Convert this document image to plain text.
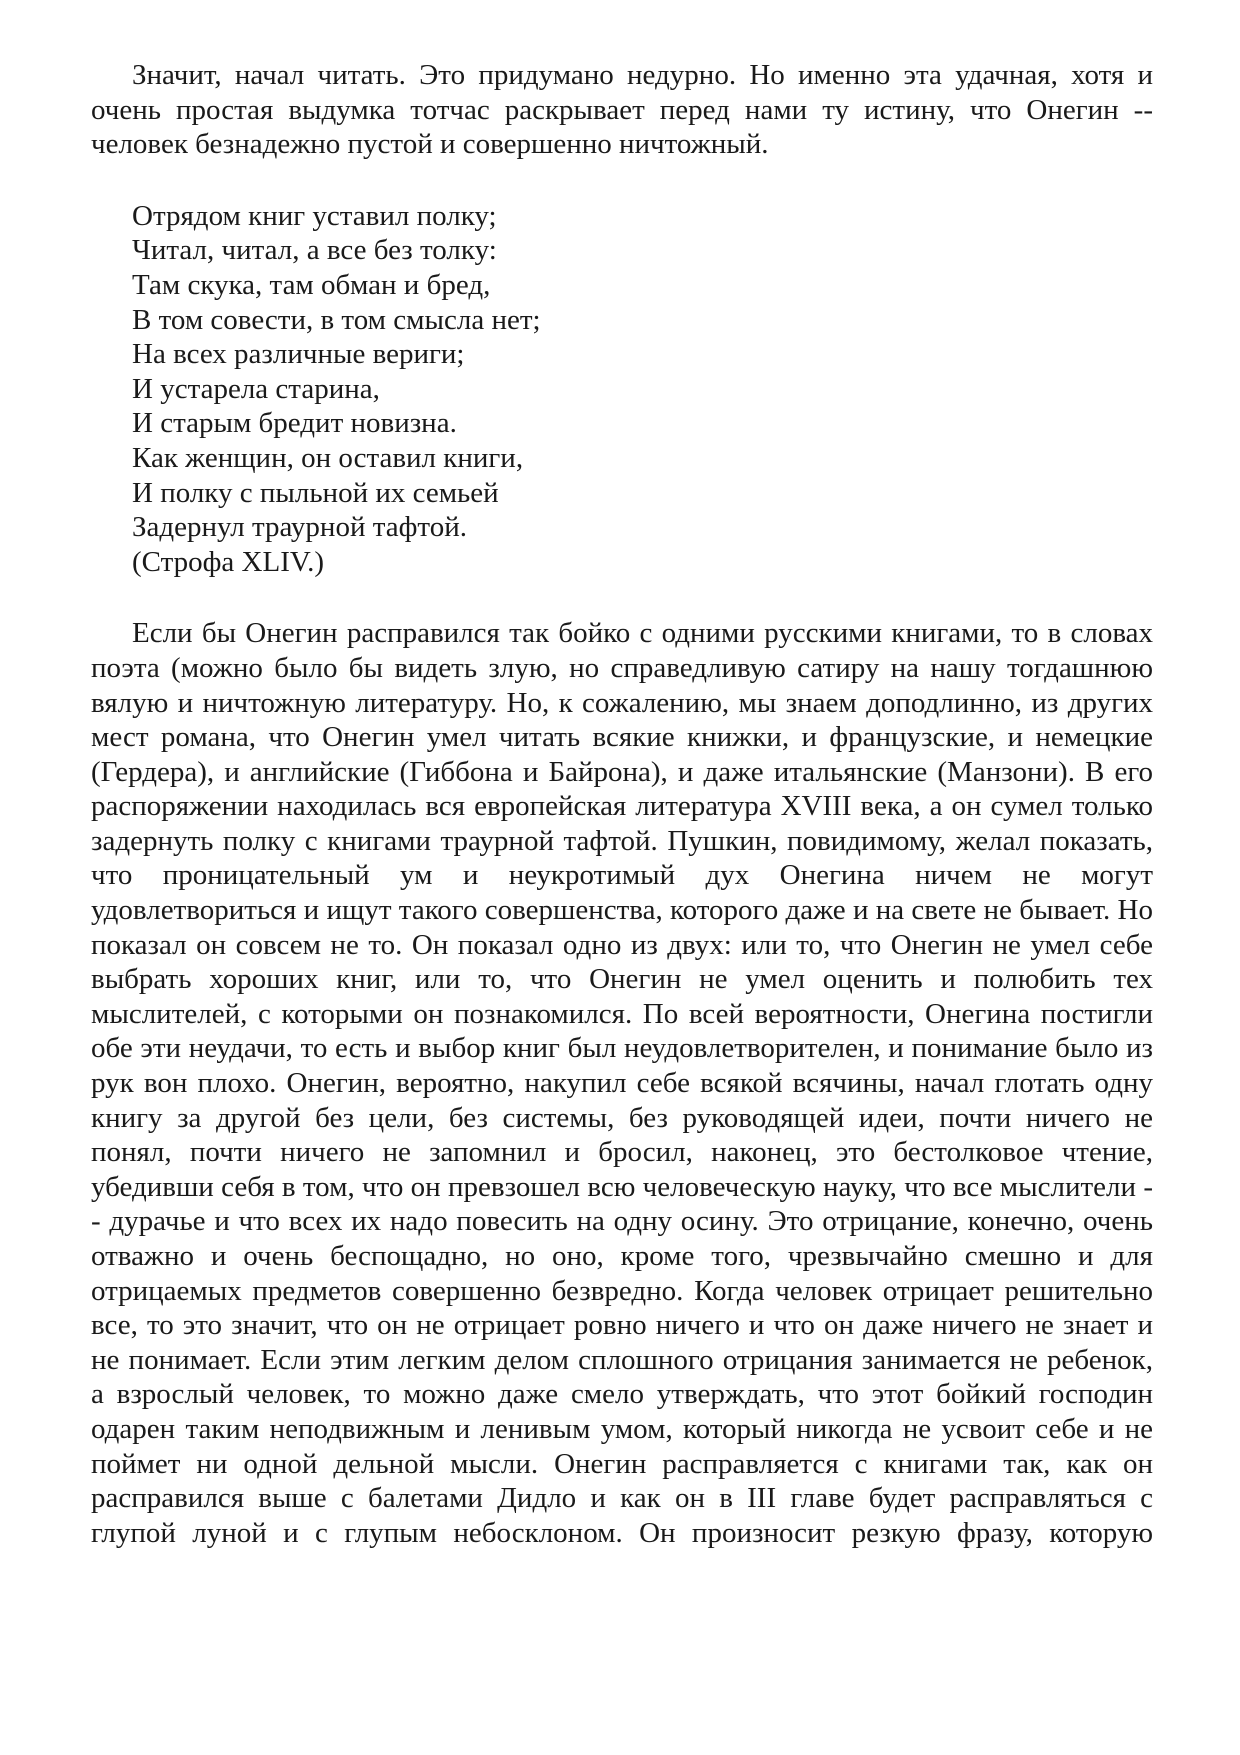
Значит, начал читать. Это придумано недурно. Но именно эта удачная, хотя и очень простая выдумка тотчас раскрывает перед нами ту истину, что Онегин -- человек безнадежно пустой и совершенно ничтожный.

Отрядом книг уставил полку;
Читал, читал, а все без толку:
Там скука, там обман и бред,
В том совести, в том смысла нет;
На всех различные вериги;
И устарела старина,
И старым бредит новизна.
Как женщин, он оставил книги,
И полку с пыльной их семьей
Задернул траурной тафтой.
(Строфа XLIV.)

Если бы Онегин расправился так бойко с одними русскими книгами, то в словах поэта (можно было бы видеть злую, но справедливую сатиру на нашу тогдашнюю вялую и ничтожную литературу. Но, к сожалению, мы знаем доподлинно, из других мест романа, что Онегин умел читать всякие книжки, и французские, и немецкие (Гердера), и английские (Гиббона и Байрона), и даже итальянские (Манзони). В его распоряжении находилась вся европейская литература XVIII века, а он сумел только задернуть полку с книгами траурной тафтой. Пушкин, повидимому, желал показать, что проницательный ум и неукротимый дух Онегина ничем не могут удовлетвориться и ищут такого совершенства, которого даже и на свете не бывает. Но показал он совсем не то. Он показал одно из двух: или то, что Онегин не умел себе выбрать хороших книг, или то, что Онегин не умел оценить и полюбить тех мыслителей, с которыми он познакомился. По всей вероятности, Онегина постигли обе эти неудачи, то есть и выбор книг был неудовлетворителен, и понимание было из рук вон плохо. Онегин, вероятно, накупил себе всякой всячины, начал глотать одну книгу за другой без цели, без системы, без руководящей идеи, почти ничего не понял, почти ничего не запомнил и бросил, наконец, это бестолковое чтение, убедивши себя в том, что он превзошел всю человеческую науку, что все мыслители -- дурачье и что всех их надо повесить на одну осину. Это отрицание, конечно, очень отважно и очень беспощадно, но оно, кроме того, чрезвычайно смешно и для отрицаемых предметов совершенно безвредно. Когда человек отрицает решительно все, то это значит, что он не отрицает ровно ничего и что он даже ничего не знает и не понимает. Если этим легким делом сплошного отрицания занимается не ребенок, а взрослый человек, то можно даже смело утверждать, что этот бойкий господин одарен таким неподвижным и ленивым умом, который никогда не усвоит себе и не поймет ни одной дельной мысли. Онегин расправляется с книгами так, как он расправился выше с балетами Дидло и как он в III главе будет расправляться с глупой луной и с глупым небосклоном. Он произносит резкую фразу, которую
